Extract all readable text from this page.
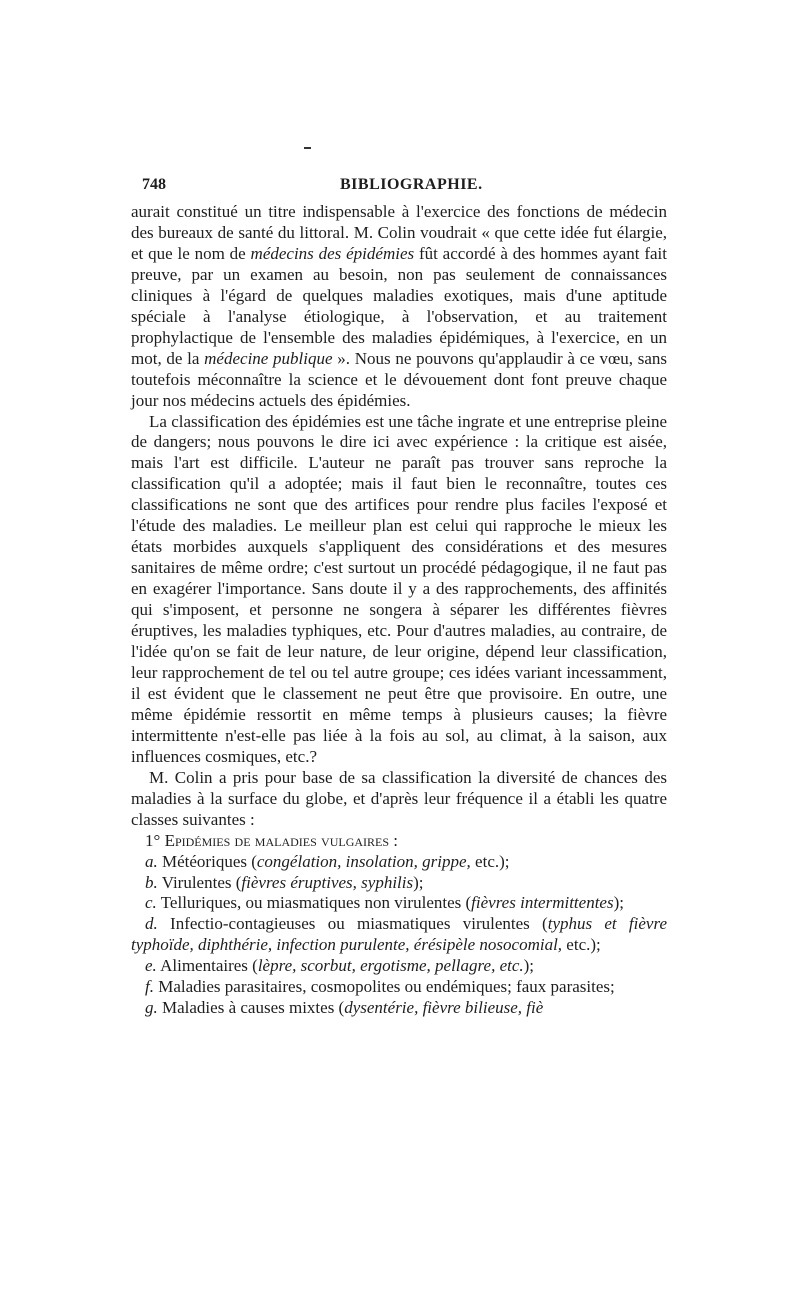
748	BIBLIOGRAPHIE.

aurait constitué un titre indispensable à l'exercice des fonctions de médecin des bureaux de santé du littoral. M. Colin voudrait « que cette idée fut élargie, et que le nom de médecins des épidémies fût accordé à des hommes ayant fait preuve, par un examen au besoin, non pas seulement de connaissances cliniques à l'égard de quelques maladies exotiques, mais d'une aptitude spéciale à l'analyse étiologique, à l'observation, et au traitement prophylactique de l'ensemble des maladies épidémiques, à l'exercice, en un mot, de la médecine publique ». Nous ne pouvons qu'applaudir à ce vœu, sans toutefois méconnaître la science et le dévouement dont font preuve chaque jour nos médecins actuels des épidémies.

La classification des épidémies est une tâche ingrate et une entreprise pleine de dangers; nous pouvons le dire ici avec expérience : la critique est aisée, mais l'art est difficile. L'auteur ne paraît pas trouver sans reproche la classification qu'il a adoptée; mais il faut bien le reconnaître, toutes ces classifications ne sont que des artifices pour rendre plus faciles l'exposé et l'étude des maladies. Le meilleur plan est celui qui rapproche le mieux les états morbides auxquels s'appliquent des considérations et des mesures sanitaires de même ordre; c'est surtout un procédé pédagogique, il ne faut pas en exagérer l'importance. Sans doute il y a des rapprochements, des affinités qui s'imposent, et personne ne songera à séparer les différentes fièvres éruptives, les maladies typhiques, etc. Pour d'autres maladies, au contraire, de l'idée qu'on se fait de leur nature, de leur origine, dépend leur classification, leur rapprochement de tel ou tel autre groupe; ces idées variant incessamment, il est évident que le classement ne peut être que provisoire. En outre, une même épidémie ressortit en même temps à plusieurs causes; la fièvre intermittente n'est-elle pas liée à la fois au sol, au climat, à la saison, aux influences cosmiques, etc.?

M. Colin a pris pour base de sa classification la diversité de chances des maladies à la surface du globe, et d'après leur fréquence il a établi les quatre classes suivantes :

1° Epidémies de maladies vulgaires :

a. Météoriques (congélation, insolation, grippe, etc.);

b. Virulentes (fièvres éruptives, syphilis);

c. Telluriques, ou miasmatiques non virulentes (fièvres intermittentes);

d. Infectio-contagieuses ou miasmatiques virulentes (typhus et fièvre typhoïde, diphthérie, infection purulente, érésipèle nosocomial, etc.);

e. Alimentaires (lèpre, scorbut, ergotisme, pellagre, etc.);

f. Maladies parasitaires, cosmopolites ou endémiques; faux parasites;

g. Maladies à causes mixtes (dysentérie, fièvre bilieuse, fiè
